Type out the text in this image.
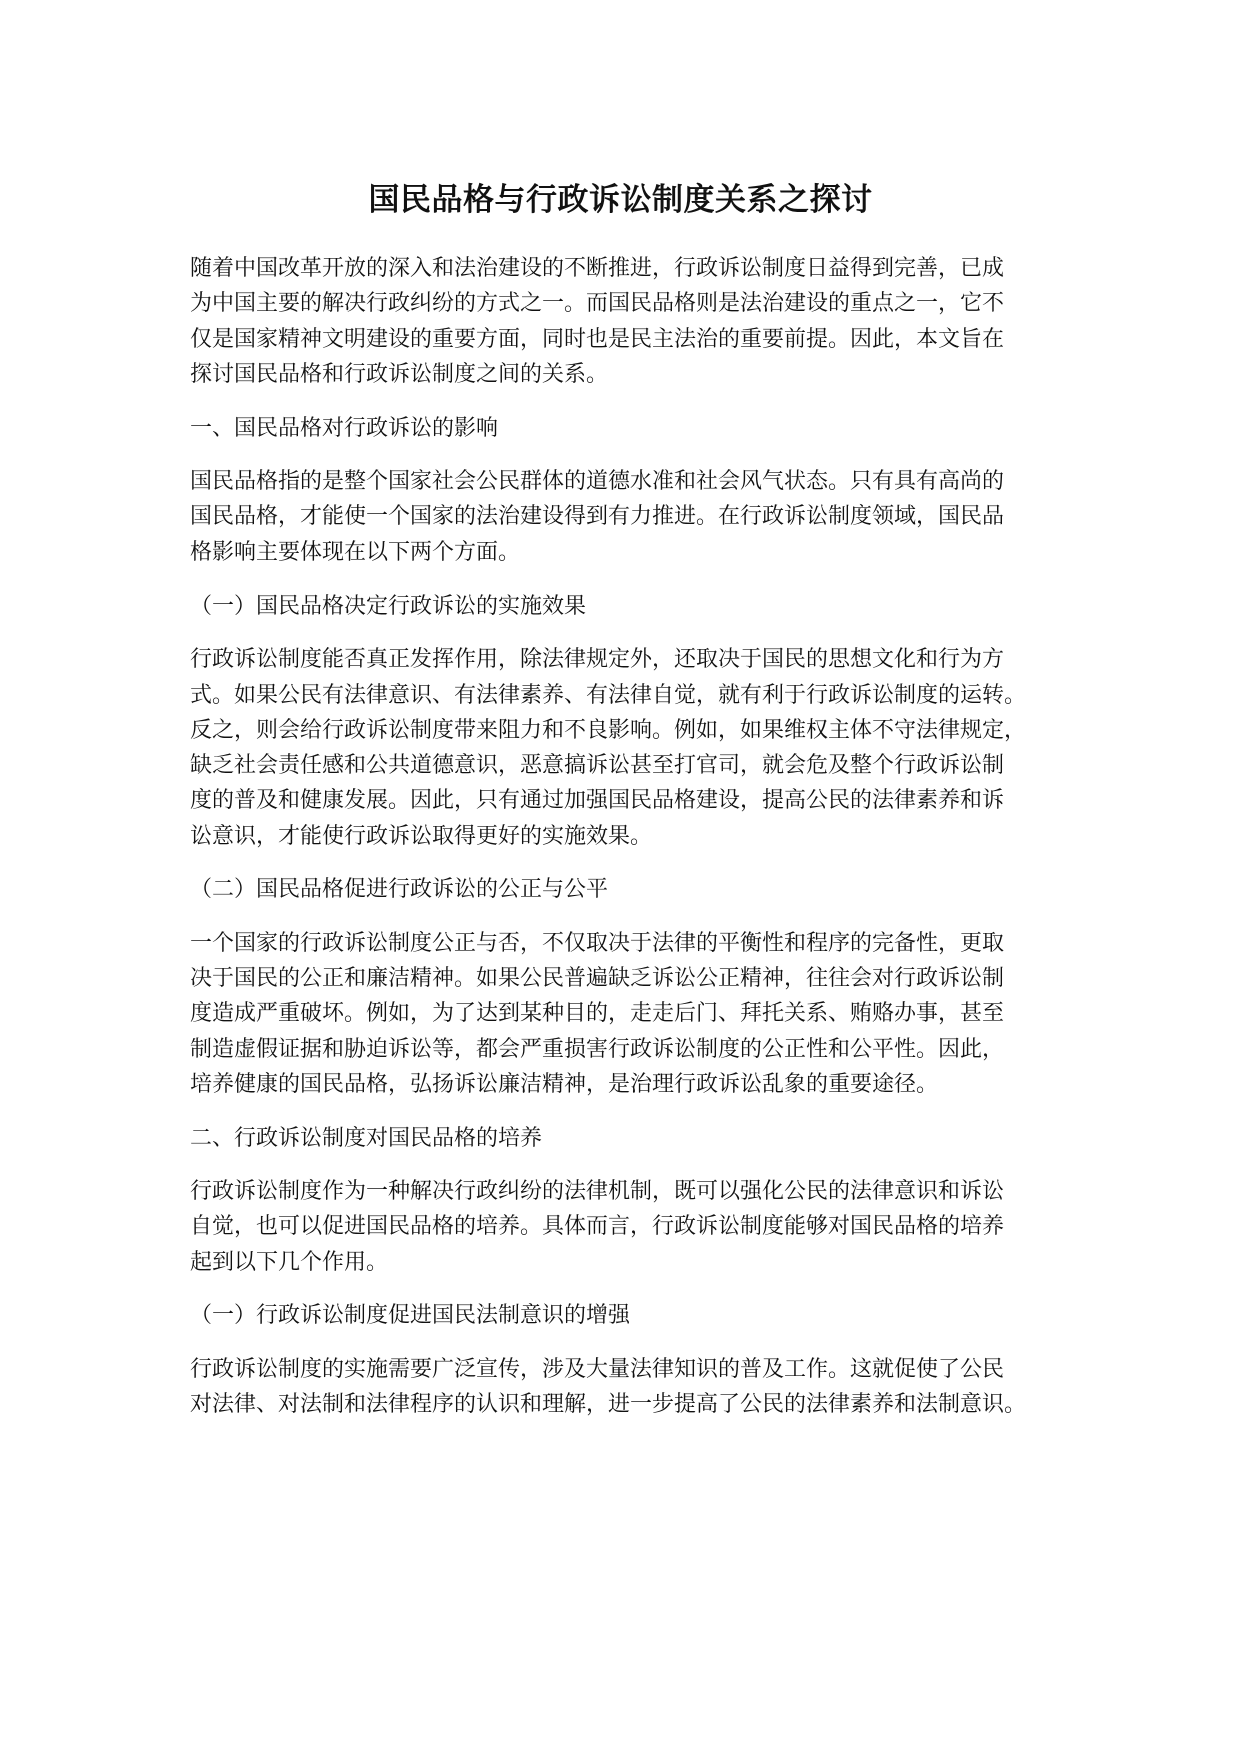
国民品格与行政诉讼制度关系之探讨

随着中国改革开放的深入和法治建设的不断推进，行政诉讼制度日益得到完善，已成

为中国主要的解决行政纠纷的方式之一。而国民品格则是法治建设的重点之一，它不

仅是国家精神文明建设的重要方面，同时也是民主法治的重要前提。因此，本文旨在

探讨国民品格和行政诉讼制度之间的关系。

一、国民品格对行政诉讼的影响

国民品格指的是整个国家社会公民群体的道德水准和社会风气状态。只有具有高尚的

国民品格，才能使一个国家的法治建设得到有力推进。在行政诉讼制度领域，国民品

格影响主要体现在以下两个方面。

（一）国民品格决定行政诉讼的实施效果

行政诉讼制度能否真正发挥作用，除法律规定外，还取决于国民的思想文化和行为方

式。如果公民有法律意识、有法律素养、有法律自觉，就有利于行政诉讼制度的运转。

反之，则会给行政诉讼制度带来阻力和不良影响。例如，如果维权主体不守法律规定，

缺乏社会责任感和公共道德意识，恶意搞诉讼甚至打官司，就会危及整个行政诉讼制

度的普及和健康发展。因此，只有通过加强国民品格建设，提高公民的法律素养和诉

讼意识，才能使行政诉讼取得更好的实施效果。

（二）国民品格促进行政诉讼的公正与公平

一个国家的行政诉讼制度公正与否，不仅取决于法律的平衡性和程序的完备性，更取

决于国民的公正和廉洁精神。如果公民普遍缺乏诉讼公正精神，往往会对行政诉讼制

度造成严重破坏。例如，为了达到某种目的，走走后门、拜托关系、贿赂办事，甚至

制造虚假证据和胁迫诉讼等，都会严重损害行政诉讼制度的公正性和公平性。因此，

培养健康的国民品格，弘扬诉讼廉洁精神，是治理行政诉讼乱象的重要途径。

二、行政诉讼制度对国民品格的培养

行政诉讼制度作为一种解决行政纠纷的法律机制，既可以强化公民的法律意识和诉讼

自觉，也可以促进国民品格的培养。具体而言，行政诉讼制度能够对国民品格的培养

起到以下几个作用。

（一）行政诉讼制度促进国民法制意识的增强

行政诉讼制度的实施需要广泛宣传，涉及大量法律知识的普及工作。这就促使了公民

对法律、对法制和法律程序的认识和理解，进一步提高了公民的法律素养和法制意识。
